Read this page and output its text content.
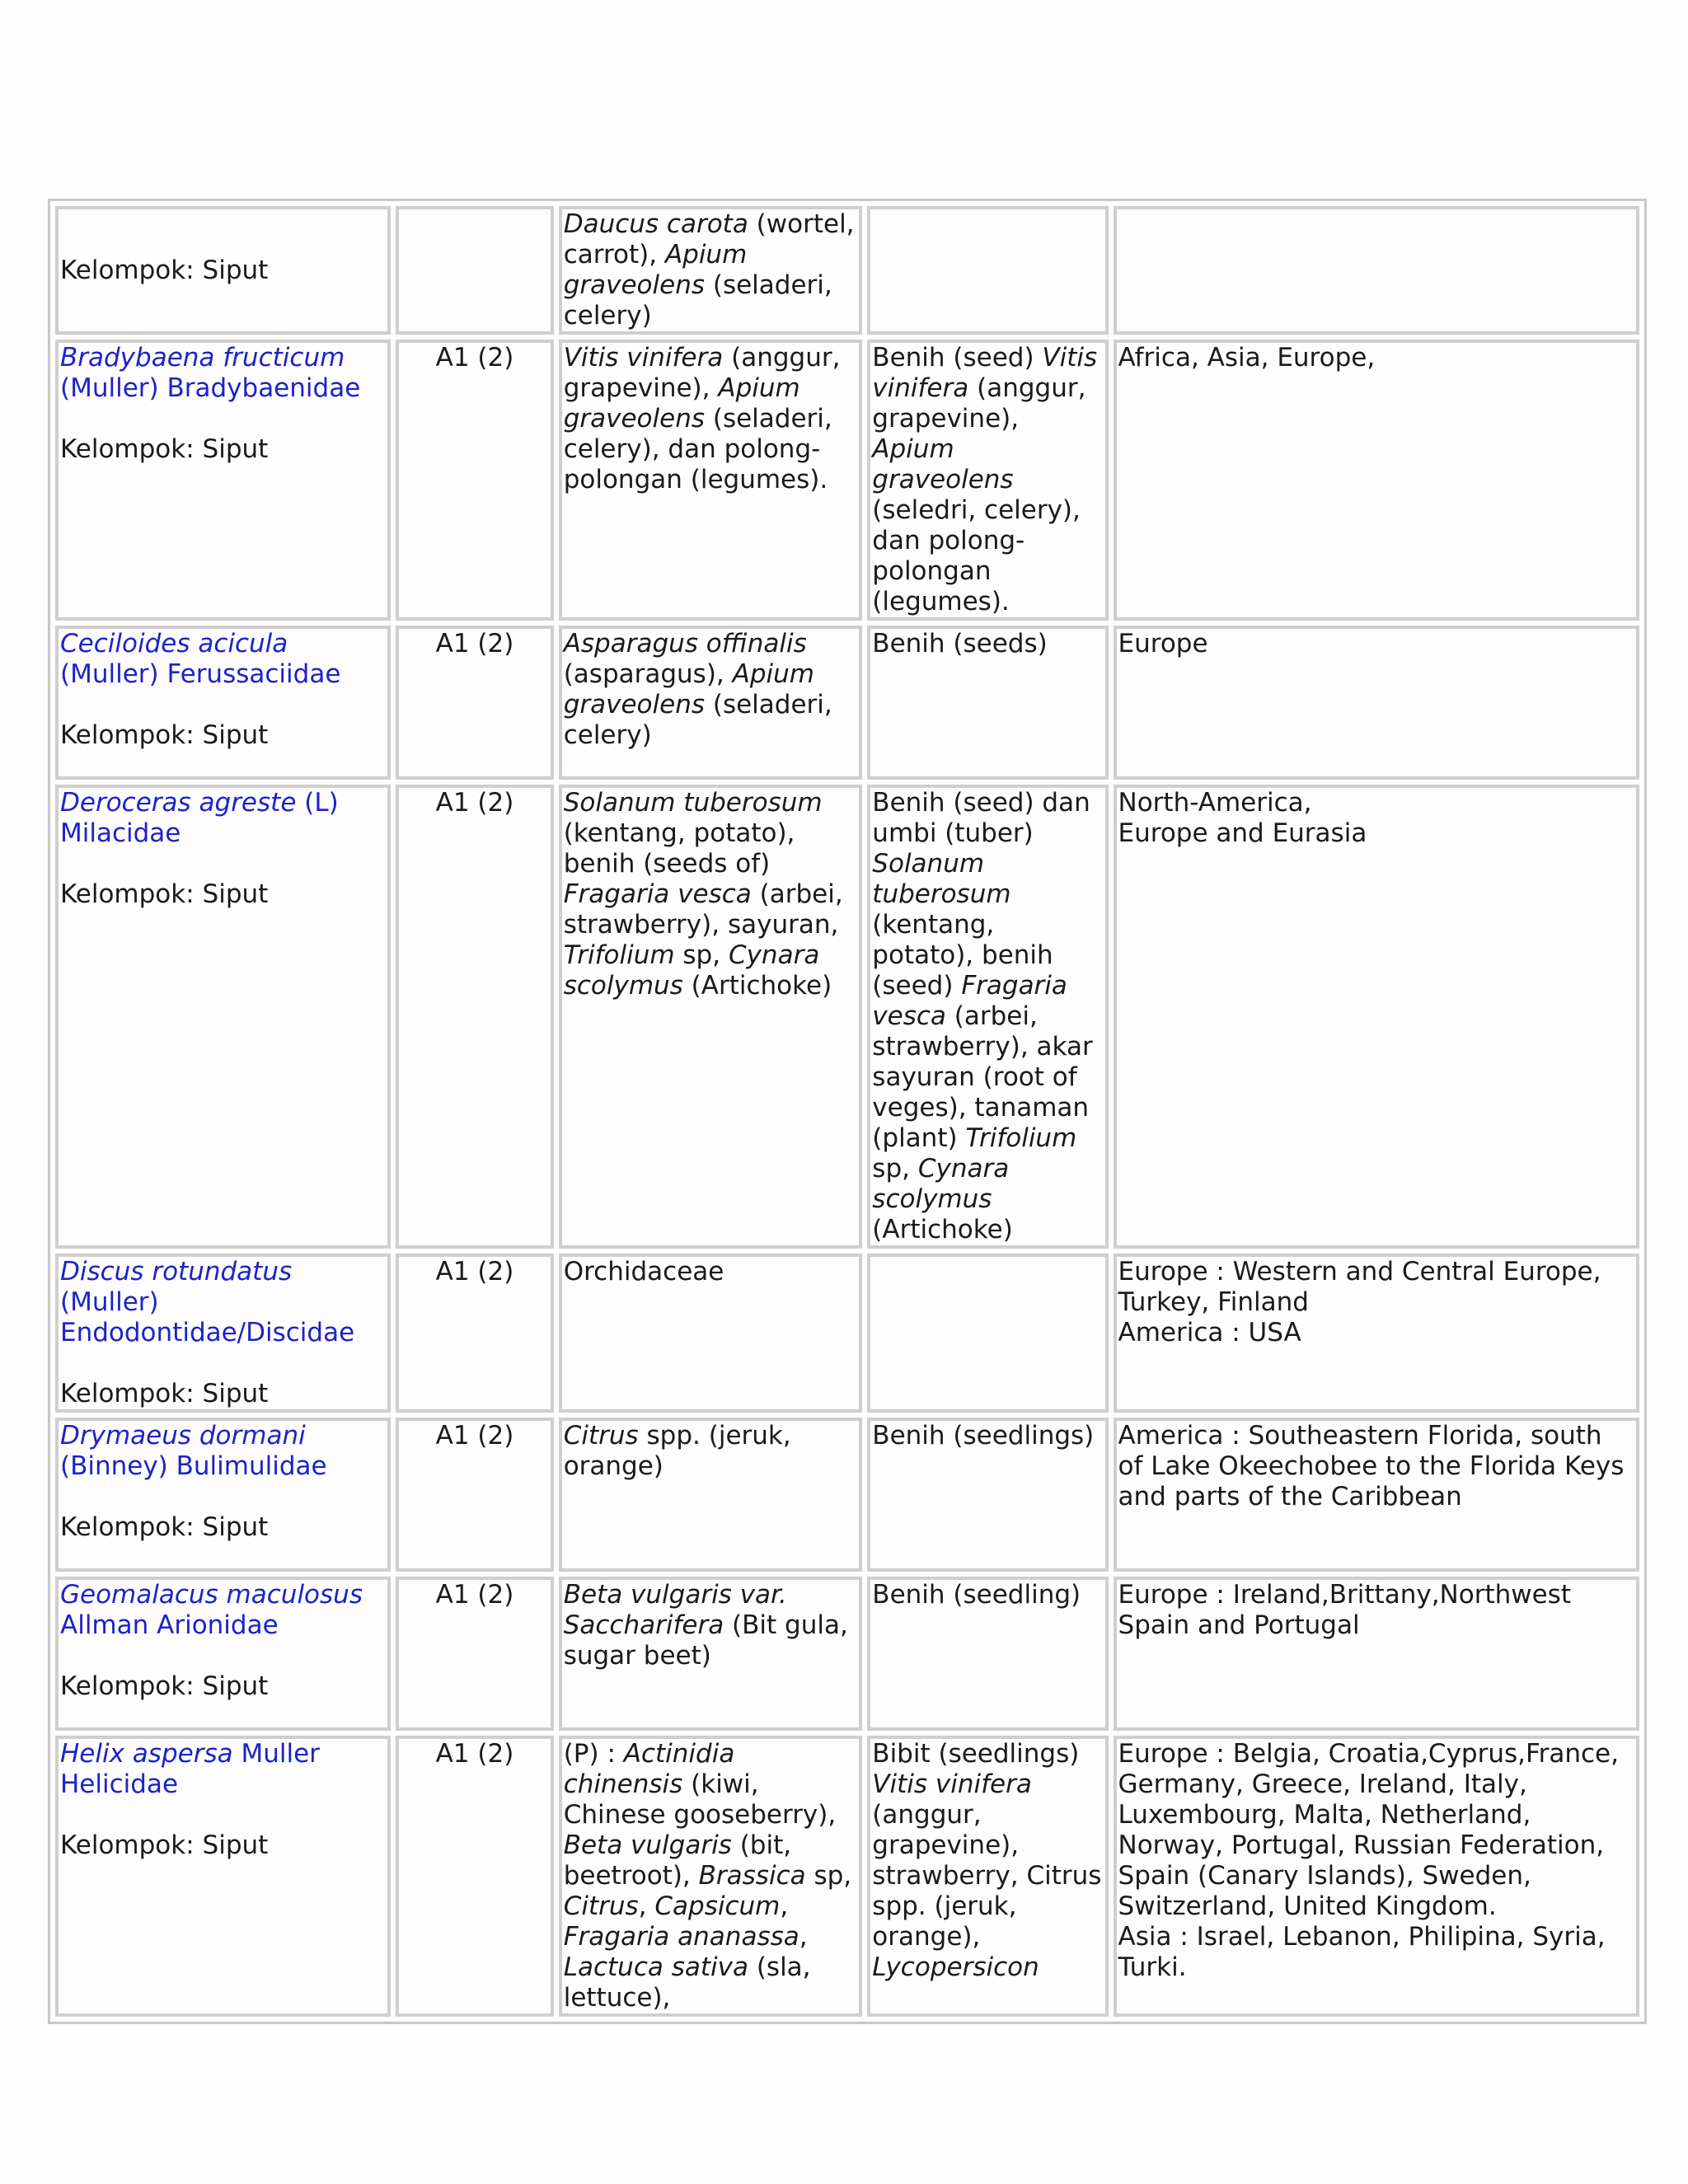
Kelompok: Siput		Daucus carota (wortel, carrot), Apium graveolens (seladeri, celery)		
Bradybaena fructicum (Muller) Bradybaenidae
Kelompok: Siput	A1 (2)	Vitis vinifera (anggur, grapevine), Apium graveolens (seladeri, celery), dan polong-polongan (legumes).	Benih (seed) Vitis vinifera (anggur, grapevine), Apium graveolens (seledri, celery), dan polong-polongan (legumes).	Africa, Asia, Europe,

Ceciloides acicula (Muller) Ferussaciidae
Kelompok: Siput	A1 (2)	Asparagus offinalis (asparagus), Apium graveolens (seladeri, celery)	Benih (seeds)	Europe

Deroceras agreste (L) Milacidae
Kelompok: Siput	A1 (2)	Solanum tuberosum (kentang, potato), benih (seeds of) Fragaria vesca (arbei, strawberry), sayuran, Trifolium sp, Cynara scolymus (Artichoke)	Benih (seed) dan umbi (tuber) Solanum tuberosum (kentang, potato), benih (seed) Fragaria vesca (arbei, strawberry), akar sayuran (root of veges), tanaman (plant) Trifolium sp, Cynara scolymus (Artichoke)	North-America,
Europe and Eurasia

Discus rotundatus (Muller) Endodontidae/Discidae
Kelompok: Siput	A1 (2)	Orchidaceae		Europe : Western and Central Europe, Turkey, Finland
America : USA

Drymaeus dormani (Binney) Bulimulidae
Kelompok: Siput	A1 (2)	Citrus spp. (jeruk, orange)	Benih (seedlings)	America : Southeastern Florida, south of Lake Okeechobee to the Florida Keys and parts of the Caribbean

Geomalacus maculosus Allman Arionidae
Kelompok: Siput	A1 (2)	Beta vulgaris var. Saccharifera (Bit gula, sugar beet)	Benih (seedling)	Europe : Ireland,Brittany,Northwest Spain and Portugal

Helix aspersa Muller Helicidae
Kelompok: Siput	A1 (2)	(P) : Actinidia chinensis (kiwi, Chinese gooseberry), Beta vulgaris (bit, beetroot), Brassica sp, Citrus, Capsicum, Fragaria ananassa, Lactuca sativa (sla, lettuce),	Bibit (seedlings) Vitis vinifera (anggur, grapevine), strawberry, Citrus spp. (jeruk, orange), Lycopersicon	Europe : Belgia, Croatia,Cyprus,France, Germany, Greece, Ireland, Italy, Luxembourg, Malta, Netherland, Norway, Portugal, Russian Federation, Spain (Canary Islands), Sweden, Switzerland, United Kingdom.
Asia : Israel, Lebanon, Philipina, Syria, Turki.
